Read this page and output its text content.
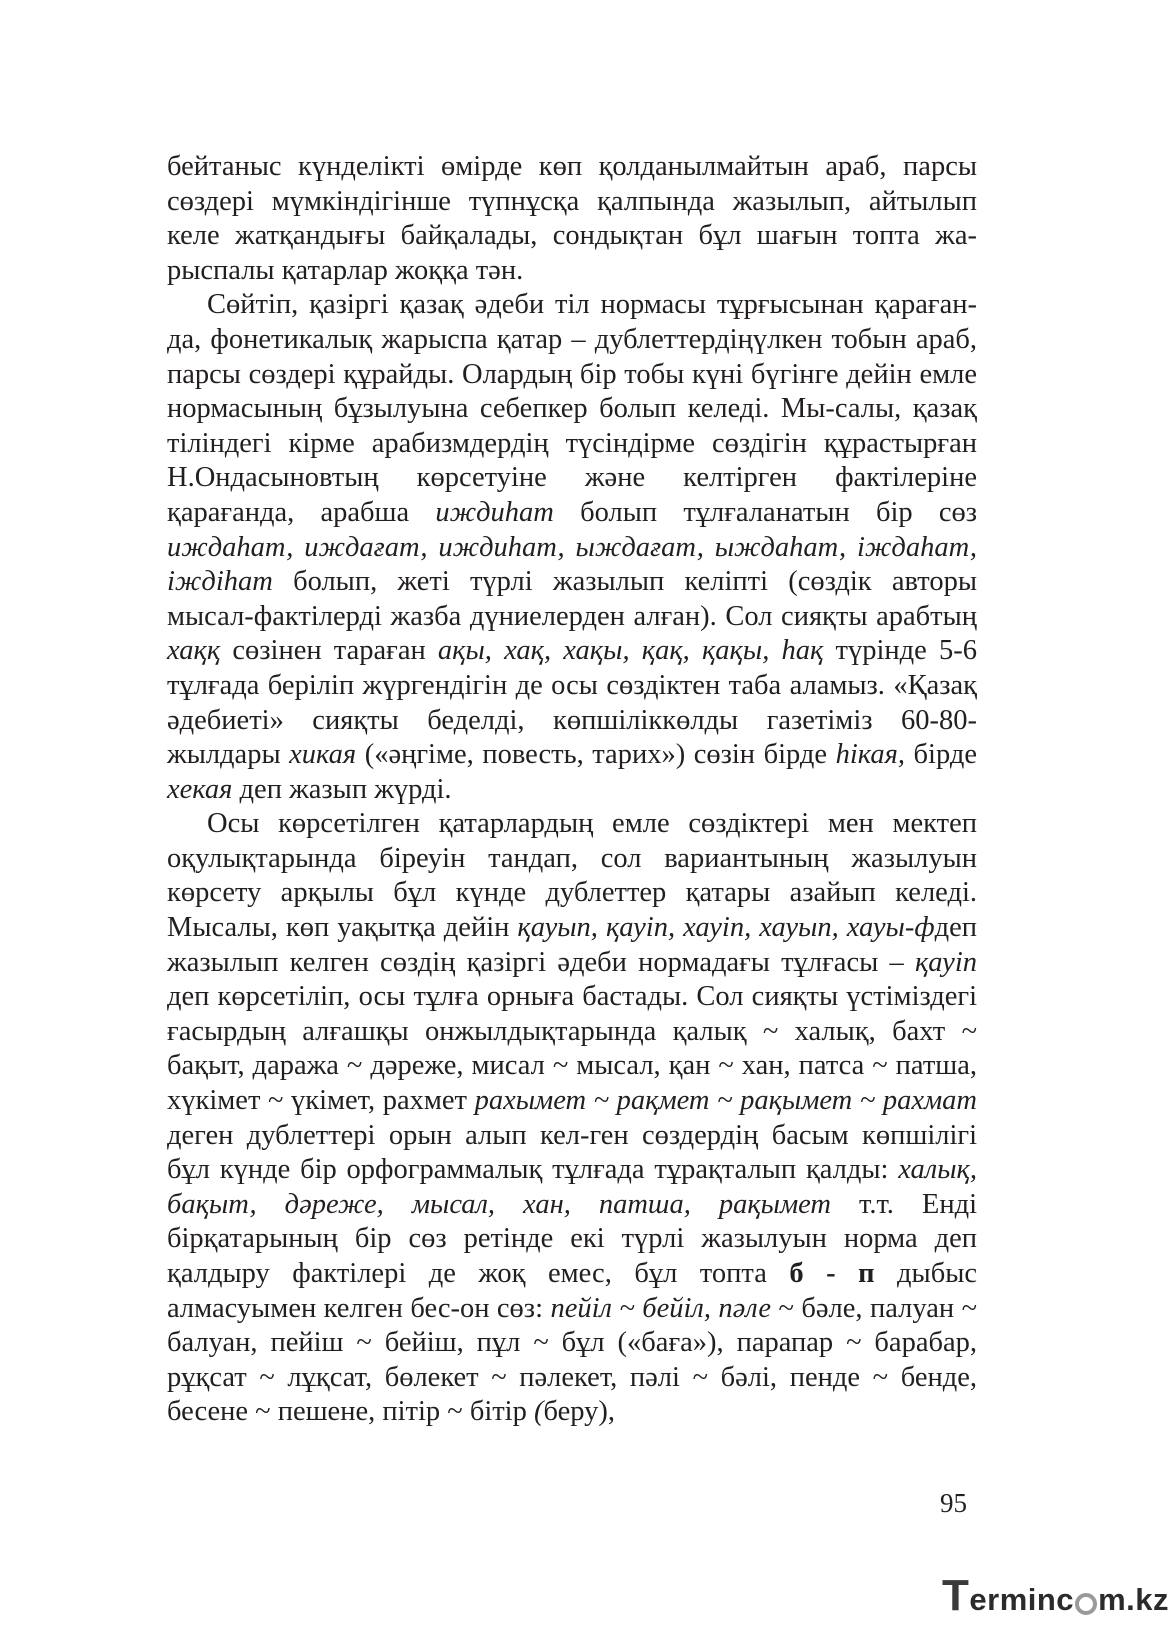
бейтаныс күнделікті өмірде көп қолданылмайтын араб, парсы сөздері мүмкіндігінше түпнұсқа қалпында жазылып, айтылып келе жатқандығы байқалады, сондықтан бұл шағын топта жа-рыспалы қатарлар жоққа тән.

Сөйтіп, қазіргі қазақ әдеби тіл нормасы тұрғысынан қараған-да, фонетикалық жарыспа қатар – дублеттердіңүлкен тобын араб, парсы сөздері құрайды. Олардың бір тобы күні бүгінге дейін емле нормасының бұзылуына себепкер болып келеді. Мы-салы, қазақ тіліндегі кірме арабизмдердің түсіндірме сөздігін құрастырған Н.Ондасыновтың көрсетуіне және келтірген фактілеріне қарағанда, арабша иждиһат болып тұлғаланатын бір сөз иждаһат, иждағат, иждиһат, ыждағат, ыждаһат, іждаһат, іждіһат болып, жеті түрлі жазылып келіпті (сөздік авторы мысал-фактілерді жазба дүниелерден алған). Сол сияқты арабтың хаққ сөзінен тараған ақы, хақ, хақы, қақ, қақы, һақ түрінде 5-6 тұлғада беріліп жүргендігін де осы сөздіктен таба аламыз. «Қазақ әдебиеті» сияқты беделді, көпшіліккөлды газетіміз 60-80-жылдары хикая («әңгіме, повесть, тарих») сөзін бірде һікая, бірде хекая деп жазып жүрді.

Осы көрсетілген қатарлардың емле сөздіктері мен мектеп оқулықтарында біреуін тандап, сол вариантының жазылуын көрсету арқылы бұл күнде дублеттер қатары азайып келеді. Мысалы, көп уақытқа дейін қауып, қауіп, хауіп, хауып, хауы-фдеп жазылып келген сөздің қазіргі әдеби нормадағы тұлғасы – қауіп деп көрсетіліп, осы тұлға орныға бастады. Сол сияқты үстіміздегі ғасырдың алғашқы онжылдықтарында қалық ~ халық, бахт ~ бақыт, даража ~ дәреже, мисал ~ мысал, қан ~ хан, патса ~ патша, хүкімет ~ үкімет, рахмет рахымет ~ рақмет ~ рақымет ~ рахмат деген дублеттері орын алып кел-ген сөздердің басым көпшілігі бұл күнде бір орфограммалық тұлғада тұрақталып қалды: халық, бақыт, дәреже, мысал, хан, патша, рақымет т.т. Енді бірқатарының бір сөз ретінде екі түрлі жазылуын норма деп қалдыру фактілері де жоқ емес, бұл топта б - п дыбыс алмасуымен келген бес-он сөз: пейіл ~ бейіл, пәле ~ бәле, палуан ~ балуан, пейіш ~ бейіш, пұл ~ бұл («баға»), парапар ~ барабар, рұқсат ~ лұқсат, бөлекет ~ пәлекет, пәлі ~ бәлі, пенде ~ бенде, бесене ~ пешене, пітір ~ бітір (беру),

95
T erminc m.kz
